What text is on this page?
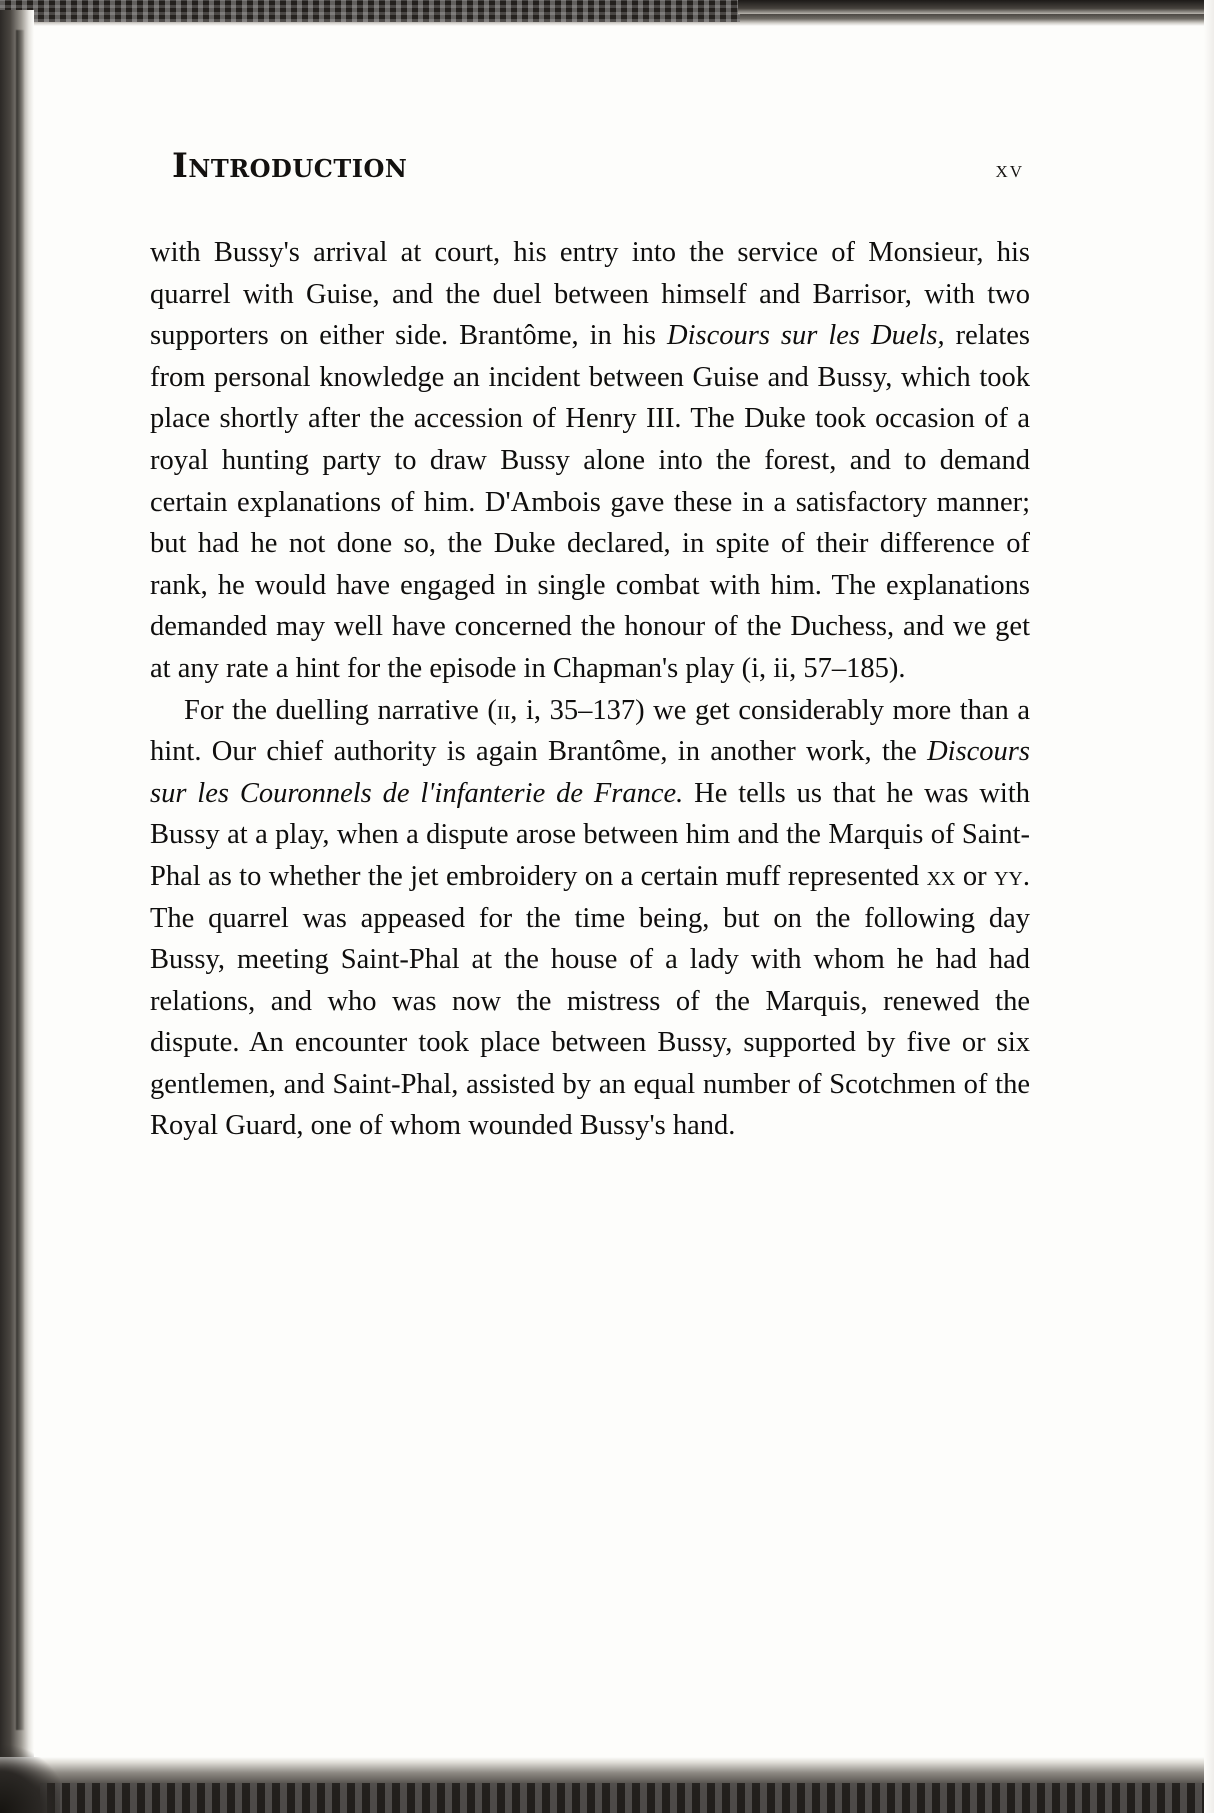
Introduction	xv

with Bussy's arrival at court, his entry into the service of Monsieur, his quarrel with Guise, and the duel between himself and Barrisor, with two supporters on either side. Brantôme, in his Discours sur les Duels, relates from personal knowledge an incident between Guise and Bussy, which took place shortly after the accession of Henry III. The Duke took occasion of a royal hunting party to draw Bussy alone into the forest, and to demand certain explanations of him. D'Ambois gave these in a satisfactory manner; but had he not done so, the Duke declared, in spite of their difference of rank, he would have engaged in single combat with him. The explanations demanded may well have concerned the honour of the Duchess, and we get at any rate a hint for the episode in Chapman's play (i, ii, 57–185).

For the duelling narrative (ii, i, 35–137) we get considerably more than a hint. Our chief authority is again Brantôme, in another work, the Discours sur les Couronnels de l'infanterie de France. He tells us that he was with Bussy at a play, when a dispute arose between him and the Marquis of Saint-Phal as to whether the jet embroidery on a certain muff represented xx or yy. The quarrel was appeased for the time being, but on the following day Bussy, meeting Saint-Phal at the house of a lady with whom he had had relations, and who was now the mistress of the Marquis, renewed the dispute. An encounter took place between Bussy, supported by five or six gentlemen, and Saint-Phal, assisted by an equal number of Scotchmen of the Royal Guard, one of whom wounded Bussy's hand.
